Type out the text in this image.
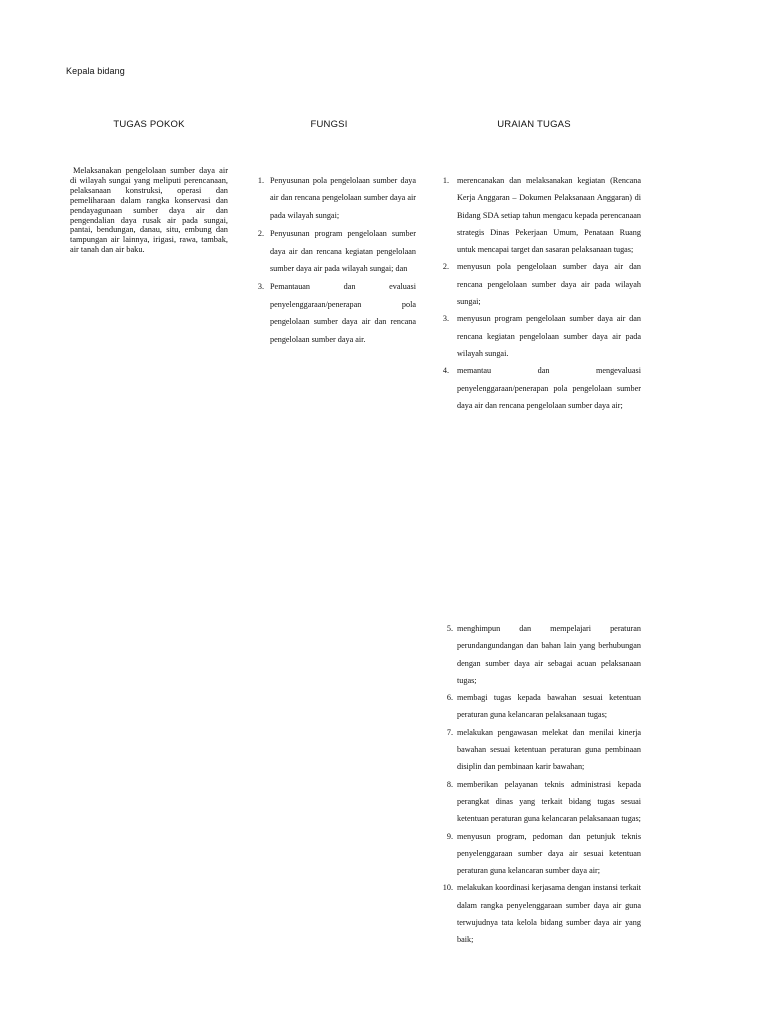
Kepala bidang
TUGAS POKOK	FUNGSI	URAIAN TUGAS
Melaksanakan pengelolaan sumber daya air di wilayah sungai yang meliputi perencanaan, pelaksanaan konstruksi, operasi dan pemeliharaan dalam rangka konservasi dan pendayagunaan sumber daya air dan pengendalian daya rusak air pada sungai, pantai, bendungan, danau, situ, embung dan tampungan air lainnya, irigasi, rawa, tambak, air tanah dan air baku.
1. Penyusunan pola pengelolaan sumber daya air dan rencana pengelolaan sumber daya air pada wilayah sungai;
2. Penyusunan program pengelolaan sumber daya air dan rencana kegiatan pengelolaan sumber daya air pada wilayah sungai; dan
3. Pemantauan dan evaluasi penyelenggaraan/penerapan pola pengelolaan sumber daya air dan rencana pengelolaan sumber daya air.
1. merencanakan dan melaksanakan kegiatan (Rencana Kerja Anggaran – Dokumen Pelaksanaan Anggaran) di Bidang SDA setiap tahun mengacu kepada perencanaan strategis Dinas Pekerjaan Umum, Penataan Ruang untuk mencapai target dan sasaran pelaksanaan tugas;
2. menyusun pola pengelolaan sumber daya air dan rencana pengelolaan sumber daya air pada wilayah sungai;
3. menyusun program pengelolaan sumber daya air dan rencana kegiatan pengelolaan sumber daya air pada wilayah sungai.
4. memantau dan mengevaluasi penyelenggaraan/penerapan pola pengelolaan sumber daya air dan rencana pengelolaan sumber daya air;
5. menghimpun dan mempelajari peraturan perundangundangan dan bahan lain yang berhubungan dengan sumber daya air sebagai acuan pelaksanaan tugas;
6. membagi tugas kepada bawahan sesuai ketentuan peraturan guna kelancaran pelaksanaan tugas;
7. melakukan pengawasan melekat dan menilai kinerja bawahan sesuai ketentuan peraturan guna pembinaan disiplin dan pembinaan karir bawahan;
8. memberikan pelayanan teknis administrasi kepada perangkat dinas yang terkait bidang tugas sesuai ketentuan peraturan guna kelancaran pelaksanaan tugas;
9. menyusun program, pedoman dan petunjuk teknis penyelenggaraan sumber daya air sesuai ketentuan peraturan guna kelancaran sumber daya air;
10. melakukan koordinasi kerjasama dengan instansi terkait dalam rangka penyelenggaraan sumber daya air guna terwujudnya tata kelola bidang sumber daya air yang baik;
